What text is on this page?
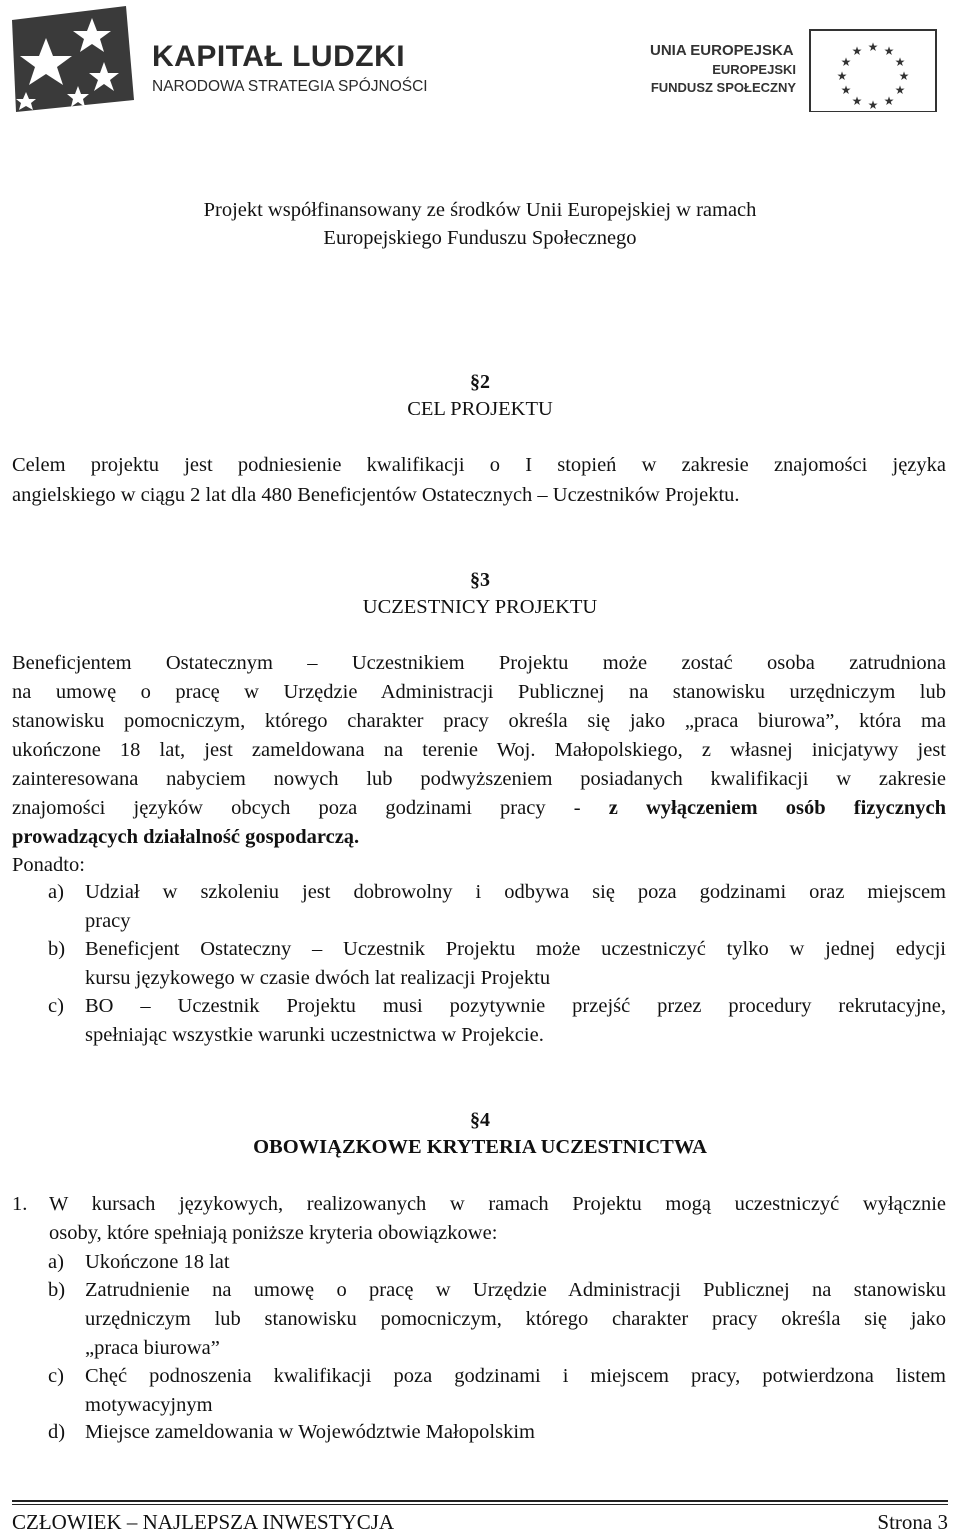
KAPITAŁ LUDZKI
NARODOWA STRATEGIA SPÓJNOŚCI
UNIA EUROPEJSKA
EUROPEJSKI
FUNDUSZ SPOŁECZNY
★ ★
★
★
★
★
★
★
★
★
★
★
Projekt współfinansowany ze środków Unii Europejskiej w ramach
Europejskiego Funduszu Społecznego
§2
CEL PROJEKTU
Celem projektu jest podniesienie kwalifikacji o I stopień w zakresie znajomości języka
angielskiego w ciągu 2 lat dla 480 Beneficjentów Ostatecznych – Uczestników Projektu.
§3
UCZESTNICY PROJEKTU
Beneficjentem Ostatecznym – Uczestnikiem Projektu może zostać osoba zatrudniona
na umowę o pracę w Urzędzie Administracji Publicznej na stanowisku urzędniczym lub
stanowisku pomocniczym, którego charakter pracy określa się jako „praca biurowa”, która ma
ukończone 18 lat, jest zameldowana na terenie Woj. Małopolskiego, z własnej inicjatywy jest
zainteresowana nabyciem nowych lub podwyższeniem posiadanych kwalifikacji w zakresie
znajomości języków obcych poza godzinami pracy - z wyłączeniem osób fizycznych
prowadzących działalność gospodarczą.
Ponadto:
a) Udział w szkoleniu jest dobrowolny i odbywa się poza godzinami oraz miejscem
pracy
b) Beneficjent Ostateczny – Uczestnik Projektu może uczestniczyć tylko w jednej edycji
kursu językowego w czasie dwóch lat realizacji Projektu
c) BO – Uczestnik Projektu musi pozytywnie przejść przez procedury rekrutacyjne,
spełniając wszystkie warunki uczestnictwa w Projekcie.
§4
OBOWIĄZKOWE KRYTERIA UCZESTNICTWA
1. W kursach językowych, realizowanych w ramach Projektu mogą uczestniczyć wyłącznie
osoby, które spełniają poniższe kryteria obowiązkowe:
a) Ukończone 18 lat
b) Zatrudnienie na umowę o pracę w Urzędzie Administracji Publicznej na stanowisku
urzędniczym lub stanowisku pomocniczym, którego charakter pracy określa się jako
„praca biurowa”
c) Chęć podnoszenia kwalifikacji poza godzinami i miejscem pracy, potwierdzona listem
motywacyjnym
d) Miejsce zameldowania w Województwie Małopolskim
CZŁOWIEK – NAJLEPSZA INWESTYCJA	Strona 3
